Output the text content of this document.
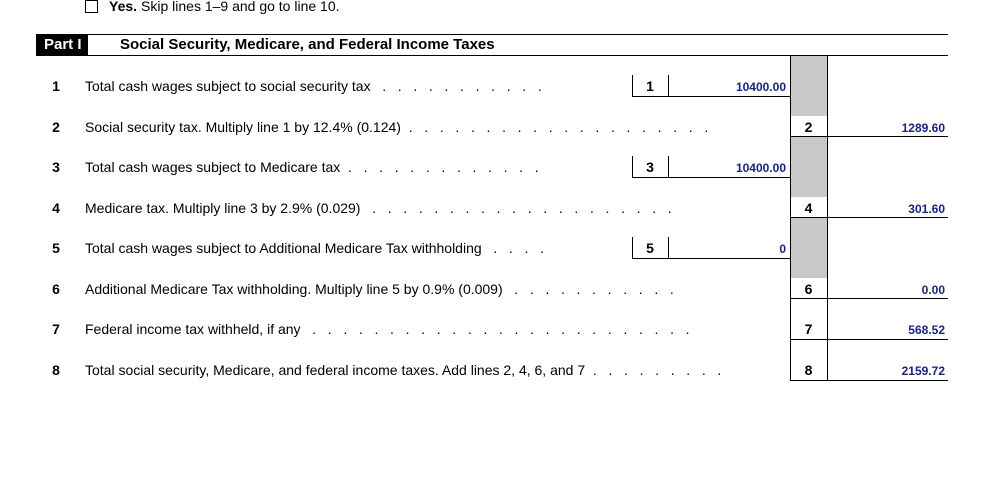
Yes. Skip lines 1–9 and go to line 10.
Part I	Social Security, Medicare, and Federal Income Taxes
1 Total cash wages subject to social security tax   .   .   .   .   .   .   .   .   .   .   .	1	10400.00
2 Social security tax. Multiply line 1 by 12.4% (0.124)  .   .   .   .   .   .   .   .   .   .   .   .   .   .   .   .   .   .   .   .	2	1289.60
3 Total cash wages subject to Medicare tax  .   .   .   .   .   .   .   .   .   .   .   .   .	3	10400.00
4 Medicare tax. Multiply line 3 by 2.9% (0.029)   .   .   .   .   .   .   .   .   .   .   .   .   .   .   .   .   .   .   .   .	4	301.60
5 Total cash wages subject to Additional Medicare Tax withholding   .   .   .   .	5	0
6 Additional Medicare Tax withholding. Multiply line 5 by 0.9% (0.009)   .   .   .   .   .   .   .   .   .   .   .	6	0.00
7 Federal income tax withheld, if any   .   .   .   .   .   .   .   .   .   .   .   .   .   .   .   .   .   .   .   .   .   .   .   .   .	7	568.52
8 Total social security, Medicare, and federal income taxes. Add lines 2, 4, 6, and 7  .   .   .   .   .   .   .   .   .	8	2159.72
